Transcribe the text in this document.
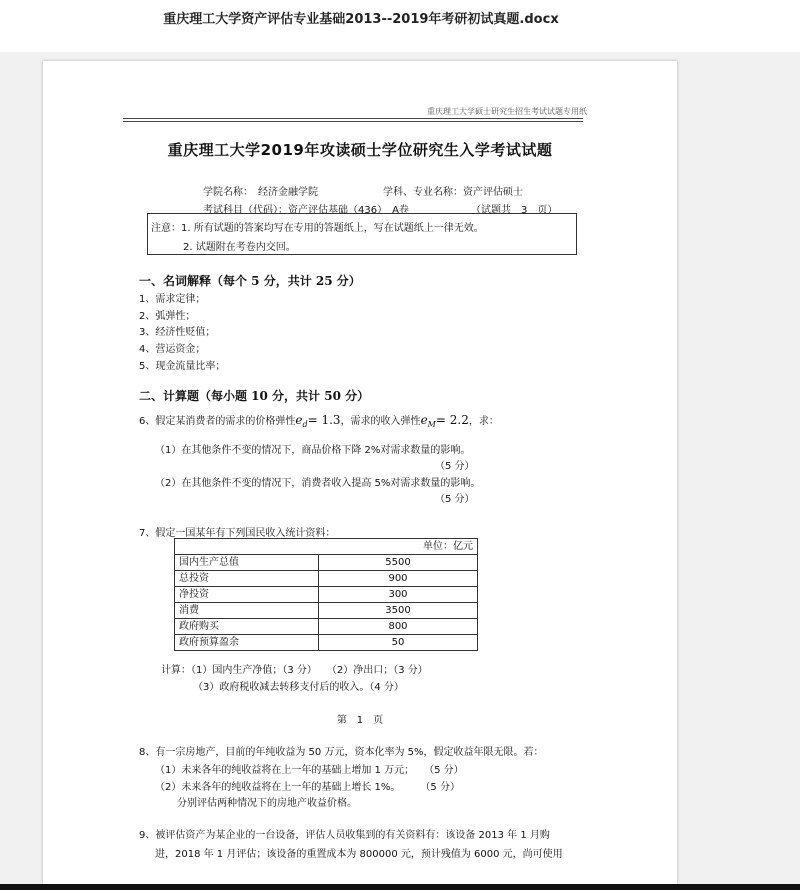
重庆理工大学资产评估专业基础2013--2019年考研初试真题.docx
重庆理工大学硕士研究生招生考试试题专用纸
重庆理工大学2019年攻读硕士学位研究生入学考试试题
学院名称：　经济金融学院	学科、专业名称：资产评估硕士
考试科目（代码）：资产评估基础（436）　A卷	（试题共　3　页）
注意：1. 所有试题的答案均写在专用的答题纸上，写在试题纸上一律无效。
2. 试题附在考卷内交回。
一、名词解释（每个 5 分，共计 25 分）
1、需求定律；
2、弧弹性；
3、经济性贬值；
4、营运资金；
5、现金流量比率；
二、计算题（每小题 10 分，共计 50 分）
6、假定某消费者的需求的价格弹性$e_d= 1.3$，需求的收入弹性$e_M= 2.2$，求：
（1）在其他条件不变的情况下，商品价格下降 2%对需求数量的影响。
（5 分）
（2）在其他条件不变的情况下，消费者收入提高 5%对需求数量的影响。
（5 分）
7、假定一国某年有下列国民收入统计资料：
单位：亿元	
国内生产总值	5500
总投资	900
净投资	300
消费	3500
政府购买	800
政府预算盈余	50
计算：（1）国内生产净值；（3 分）　　（2）净出口；（3 分）
（3）政府税收减去转移支付后的收入。（4 分）
第　1　页
8、有一宗房地产，目前的年纯收益为 50 万元，资本化率为 5%，假定收益年限无限。若：
（1）未来各年的纯收益将在上一年的基础上增加 1 万元；　　（5 分）
（2）未来各年的纯收益将在上一年的基础上增长 1%。　　　（5 分）
分别评估两种情况下的房地产收益价格。
9、被评估资产为某企业的一台设备，评估人员收集到的有关资料有：该设备 2013 年 1 月购
进，2018 年 1 月评估；该设备的重置成本为 800000 元，预计残值为 6000 元，尚可使用
